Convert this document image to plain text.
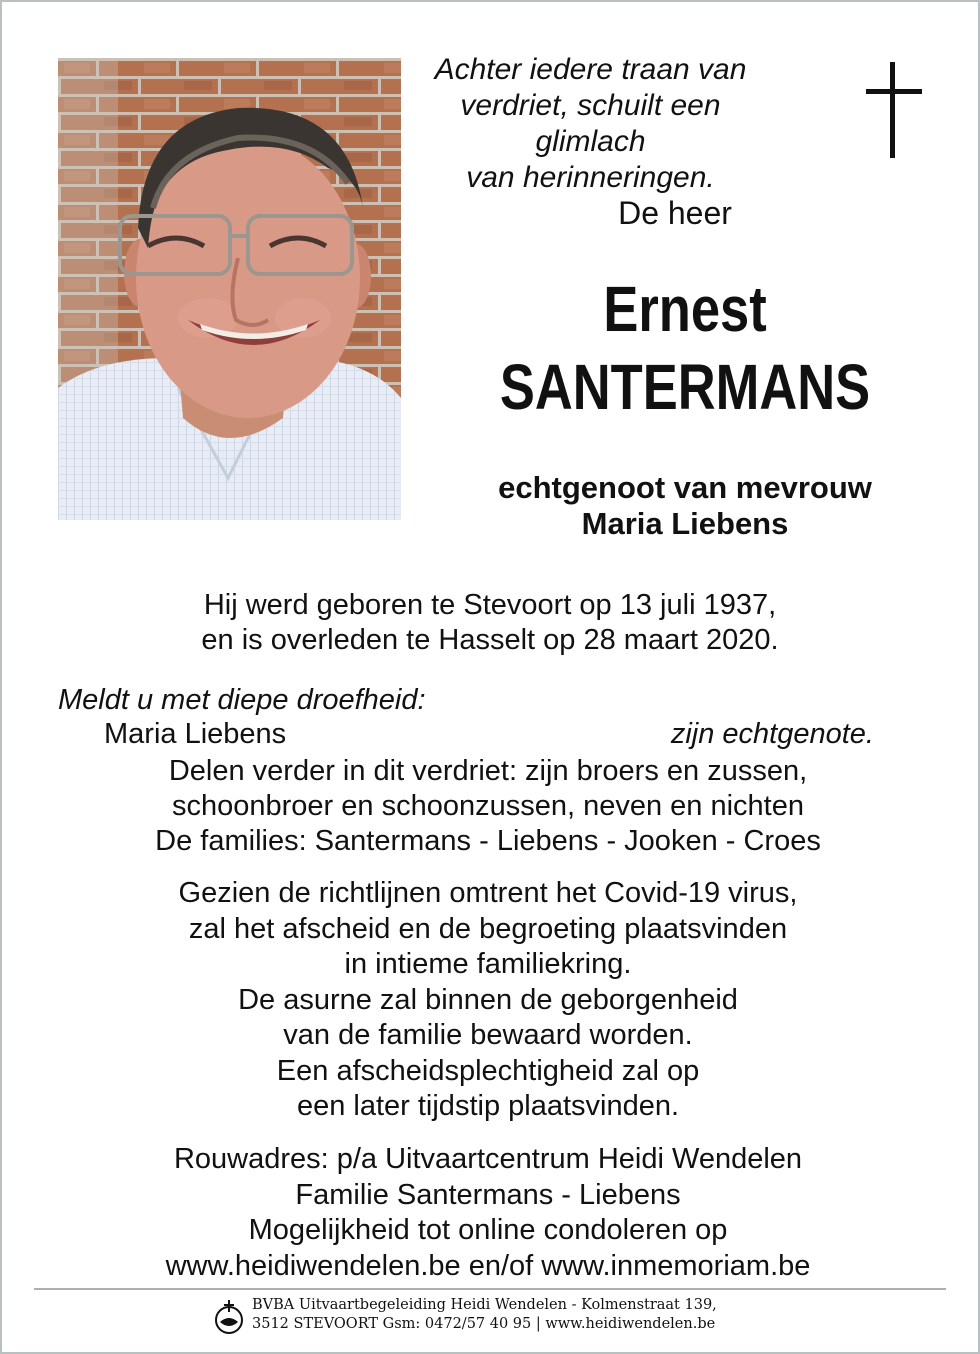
Achter iedere traan van
verdriet, schuilt een glimlach
van herinneringen.
De heer
Ernest
SANTERMANS
echtgenoot van mevrouw
Maria Liebens
Hij werd geboren te Stevoort op 13 juli 1937,
en is overleden te Hasselt op 28 maart 2020.
Meldt u met diepe droefheid:
Maria Liebens	zijn echtgenote.
Delen verder in dit verdriet: zijn broers en zussen,
schoonbroer en schoonzussen, neven en nichten
De families: Santermans - Liebens - Jooken - Croes
Gezien de richtlijnen omtrent het Covid-19 virus,
zal het afscheid en de begroeting plaatsvinden
in intieme familiekring.
De asurne zal binnen de geborgenheid
van de familie bewaard worden.
Een afscheidsplechtigheid zal op
een later tijdstip plaatsvinden.
Rouwadres: p/a Uitvaartcentrum Heidi Wendelen
Familie Santermans - Liebens
Mogelijkheid tot online condoleren op
www.heidiwendelen.be en/of www.inmemoriam.be
BVBA Uitvaartbegeleiding Heidi Wendelen - Kolmenstraat 139,
3512 STEVOORT Gsm: 0472/57 40 95 | www.heidiwendelen.be
